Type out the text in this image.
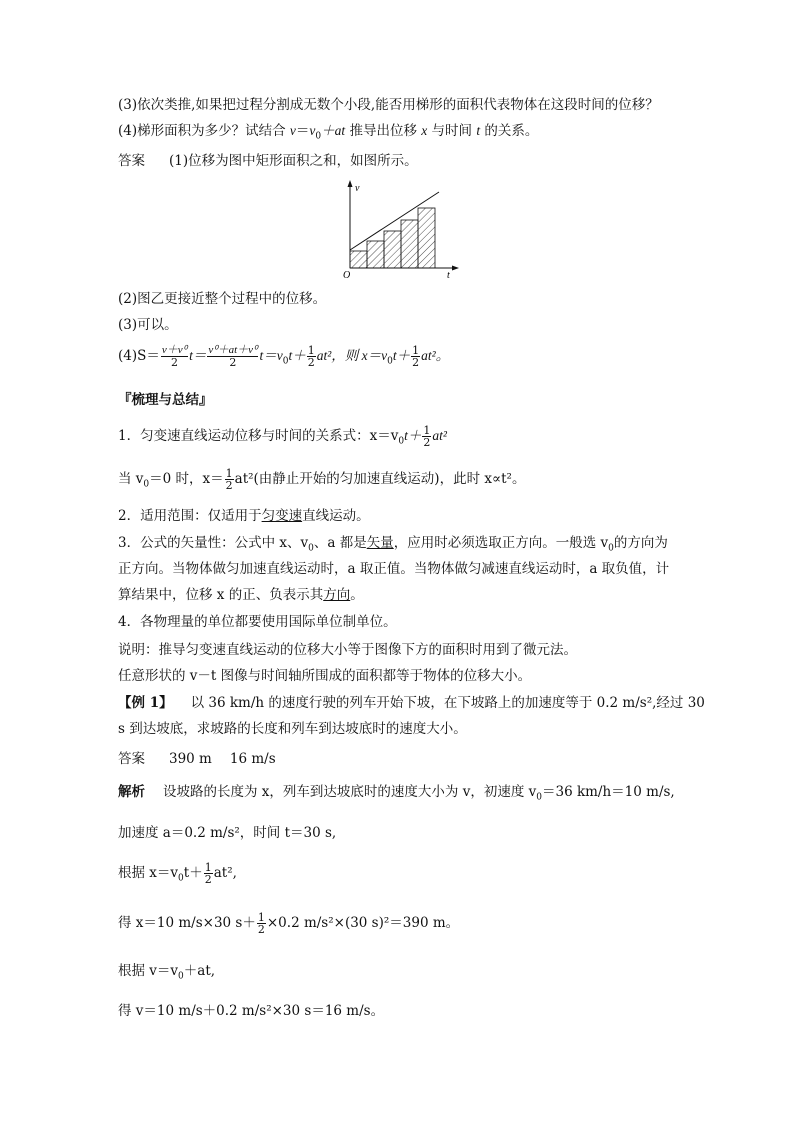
(3)依次类推,如果把过程分割成无数个小段,能否用梯形的面积代表物体在这段时间的位移？
(4)梯形面积为多少？试结合 $v=v_0+at$ 推导出位移 x 与时间 t 的关系。
答案 (1)位移为图中矩形面积之和，如图所示。
v
t
O
(2)图乙更接近整个过程中的位移。
(3)可以。
$(4)S= \frac{\text{v＋v⁰}}{2} t= \frac{\text{v⁰＋at＋v⁰}}{2} t=v_0t+ \frac{1}{2} at^2$，则 $x=v_0t+ \frac{1}{2} at^2$。
『梳理与总结』
1．匀变速直线运动位移与时间的关系式：$x=v_0t+ \frac{1}{2} at^2$
当 $v_0=0$ 时，$x= \frac{1}{2} at^2$(由静止开始的匀加速直线运动)，此时 x∝t²。
2．适用范围：仅适用于匀变速直线运动。
3．公式的矢量性：公式中 x、$v_0$、a 都是矢量，应用时必须选取正方向。一般选 $v_0$的方向为
正方向。当物体做匀加速直线运动时，a 取正值。当物体做匀减速直线运动时，a 取负值，计
算结果中，位移 x 的正、负表示其方向。
4．各物理量的单位都要使用国际单位制单位。
说明：推导匀变速直线运动的位移大小等于图像下方的面积时用到了微元法。
任意形状的 v－t 图像与时间轴所围成的面积都等于物体的位移大小。
【例 1】 以 36 km/h 的速度行驶的列车开始下坡，在下坡路上的加速度等于 0.2 m/s²,经过 30
s 到达坡底，求坡路的长度和列车到达坡底时的速度大小。
答案 390 m 16 m/s
解析 设坡路的长度为 x，列车到达坡底时的速度大小为 v，初速度 $v_0=36$ km/h＝10 m/s,
加速度 a＝0.2 m/s²，时间 t＝30 s,
根据 $x=v_0t+ \frac{1}{2} at^2$,
得 x＝10 m/s×30 $s+ \frac{1}{2} \times 0.2$ m/s²×(30 s)²＝390 m。
根据 $v=v_0+at$,
得 v＝10 m/s＋0.2 m/s²×30 s＝16 m/s。
